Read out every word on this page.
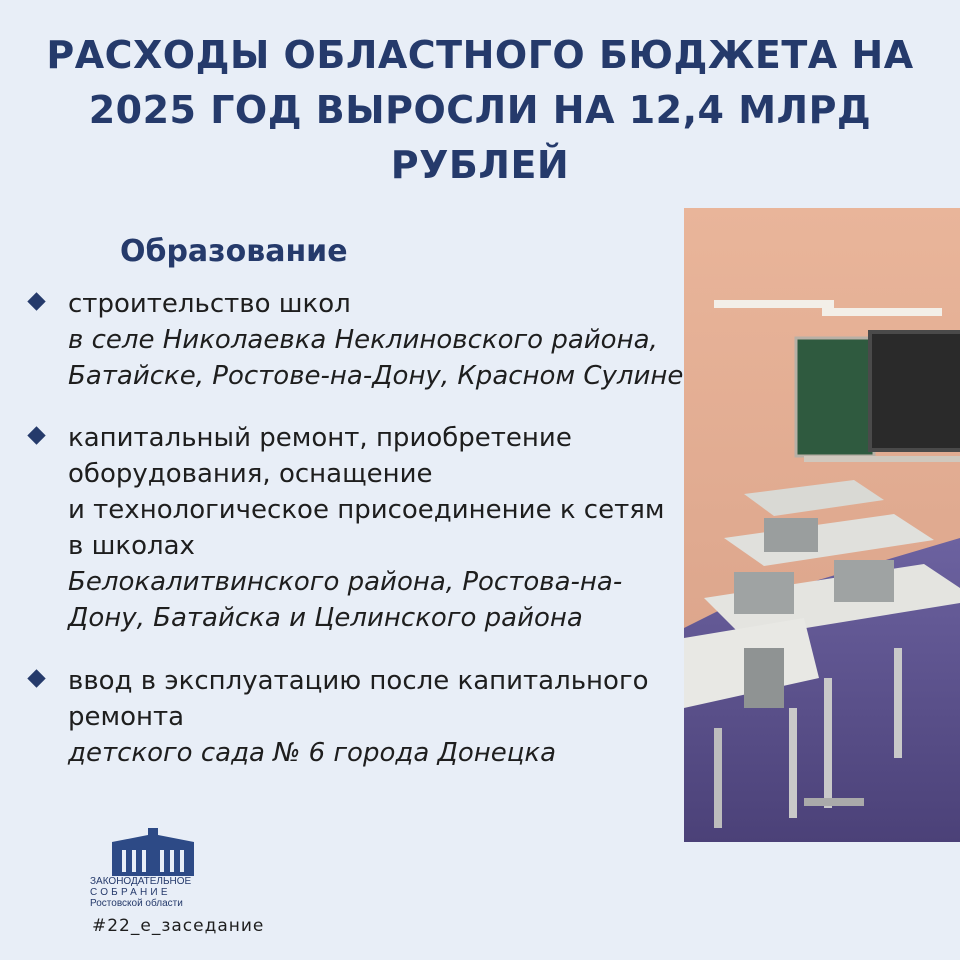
РАСХОДЫ ОБЛАСТНОГО БЮДЖЕТА НА 2025 ГОД ВЫРОСЛИ НА 12,4 МЛРД РУБЛЕЙ
Образование
строительство школ
в селе Николаевка Неклиновского района,
Батайске, Ростове-на-Дону, Красном Сулине
капитальный ремонт, приобретение
оборудования, оснащение
и технологическое присоединение к сетям
в школах
Белокалитвинского района, Ростова-на-
Дону, Батайска и Целинского района
ввод в эксплуатацию после капитального
ремонта
детского сада № 6 города Донецка
ЗАКОНОДАТЕЛЬНОЕ
СОБРАНИЕ
Ростовской области
#22_е_заседание
